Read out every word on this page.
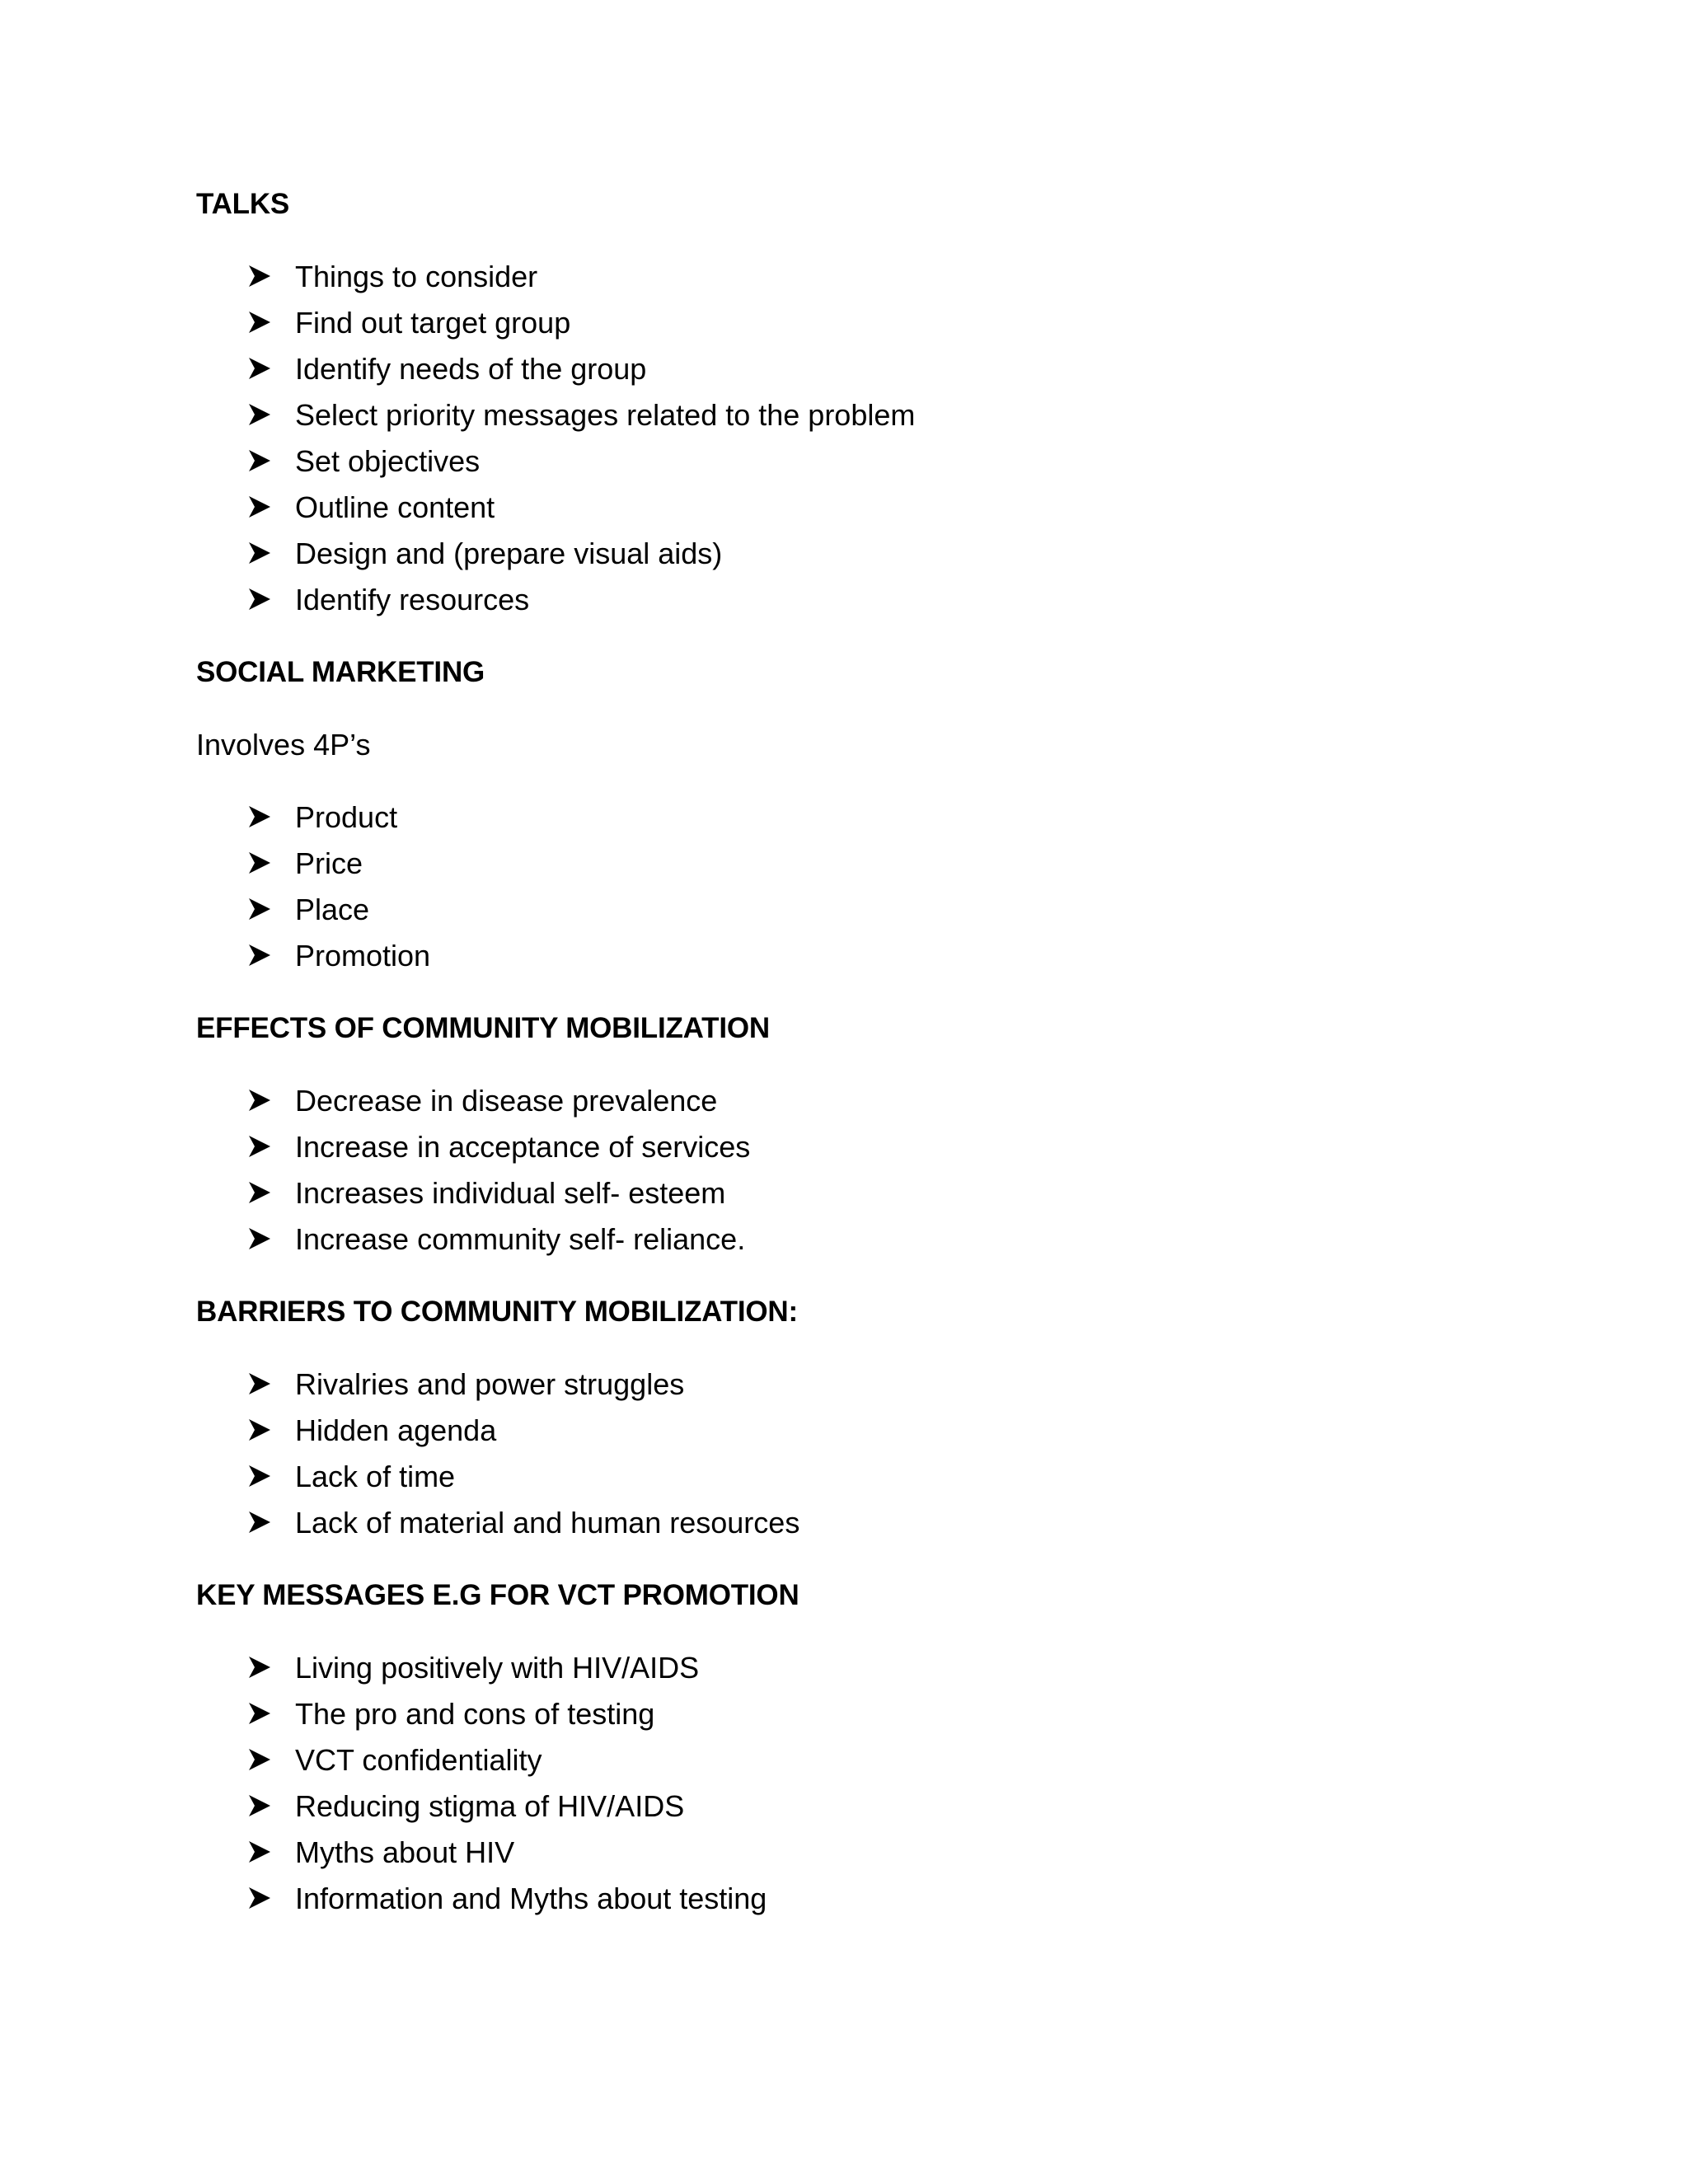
TALKS

Things to consider
Find out target group
Identify needs of the group
Select priority messages related to the problem
Set objectives
Outline content
Design and (prepare visual aids)
Identify resources

SOCIAL MARKETING

Involves 4P’s

Product
Price
Place
Promotion

EFFECTS OF COMMUNITY MOBILIZATION

Decrease in disease prevalence
Increase in acceptance of services
Increases individual self- esteem
Increase community self- reliance.

BARRIERS TO COMMUNITY MOBILIZATION:

Rivalries and power struggles
Hidden agenda
Lack of time
Lack of material and human resources

KEY MESSAGES E.G FOR VCT PROMOTION

Living positively with HIV/AIDS
The pro and cons of testing
VCT confidentiality
Reducing stigma of HIV/AIDS
Myths about HIV
Information and Myths about testing
